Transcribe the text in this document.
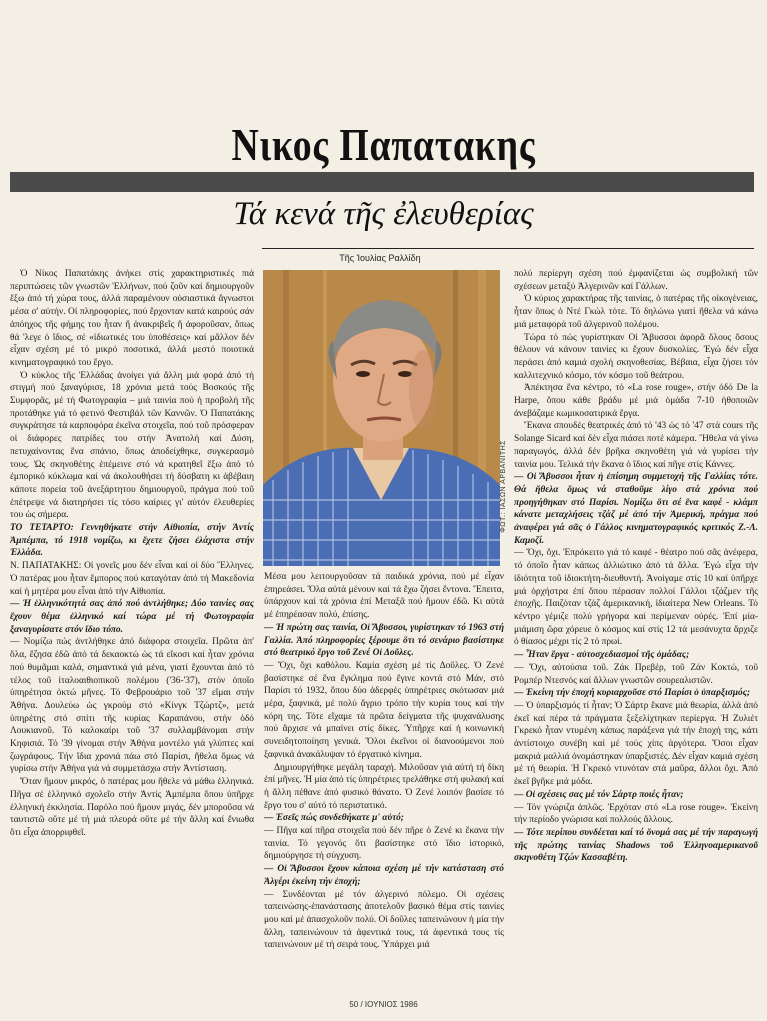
Νικος Παπατακης
Τά κενά τῆς ἐλευθερίας
Τῆς Ἰουλίας Ραλλίδη

Ὁ Νίκος Παπατάκης ἀνήκει στίς χαρακτηριστικές πιά περιπτώσεις τῶν γνωστῶν Ἑλλήνων, πού ζοῦν καί δημιουργοῦν ἔξω ἀπό τή χώρα τους, ἀλλά παραμένουν οὐσιαστικά ἄγνωστοι μέσα σ' αὐτήν. Οἱ πληροφορίες, πού ἔρχονταν κατά καιρούς σάν ἀπόηχος τῆς φήμης του ἦταν ἤ ἀνακριβεῖς ἤ ἀφοροῦσαν, ὅπως θά 'λεγε ὁ ἴδιος, σέ «ἰδιωτικές του ὑποθέσεις» καί μᾶλλον δέν εἶχαν σχέση μέ τό μικρό ποσοτικά, ἀλλά μεστό ποιοτικά κινηματογραφικό του ἔργο.

Ὁ κύκλος τῆς Ἑλλάδας ἀνοίγει γιά ἄλλη μιά φορά ἀπό τή στιγμή πού ξαναγύρισε, 18 χρόνια μετά τούς Βοσκούς τῆς Συμφορᾶς, μέ τή Φωτογραφία – μιά ταινία πού ἡ προβολή τῆς προτάθηκε γιά τό φετινό Φεστιβάλ τῶν Καννῶν. Ὁ Παπατάκης συγκράτησε τά καρποφόρα ἐκεῖνα στοιχεῖα, πού τοῦ πρόσφεραν οἱ διάφορες πατρίδες του στήν Ἀνατολή καί Δύση, πετυχαίνοντας ἕνα σπάνιο, ὅπως ἀποδείχθηκε, συγκερασμό τους. Ὡς σκηνοθέτης ἐπέμεινε στό νά κρατηθεῖ ἔξω ἀπό τό ἐμπορικό κύκλωμα καί νά ἀκολουθήσει τή δύσβατη κι ἀβέβαιη κάποτε πορεία τοῦ ἀνεξάρτητου δημιουργοῦ, πράγμα πού τοῦ ἐπέτρεψε νά διατηρήσει τίς τόσο καίριες γι' αὐτόν ἐλευθερίες του ὡς σήμερα.

ΤΟ ΤΕΤΑΡΤΟ: Γεννηθήκατε στήν Αἰθιοπία, στήν Ἀντίς Ἀμπέμπα, τό 1918 νομίζω, κι ἔχετε ζήσει ἐλάχιστα στήν Ἑλλάδα.

Ν. ΠΑΠΑΤΑΚΗΣ: Οἱ γονεῖς μου δέν εἶναι καί οἱ δύο Ἕλληνες. Ὁ πατέρας μου ἦταν ἔμπορος πού καταγόταν ἀπό τή Μακεδονία καί ἡ μητέρα μου εἶναι ἀπό τήν Αἰθιοπία.

— Ἡ ἑλληνικότητά σας ἀπό πού ἀντλήθηκε; Δύο ταινίες σας ἔχουν θέμα ἑλληνικό καί τώρα μέ τή Φωτογραφία ξαναγυρίσατε στόν ἴδιο τόπο.

— Νομίζω πώς ἀντλήθηκε ἀπό διάφορα στοιχεῖα. Πρῶτα ἀπ' ὅλα, ἔζησα ἐδῶ ἀπό τά δεκαοκτώ ὡς τά εἴκοσι καί ἦταν χρόνια πού θυμᾶμαι καλά, σημαντικά γιά μένα, γιατί ἔχουνται ἀπό τό τέλος τοῦ ἰταλοαιθιοπικοῦ πολέμου ('36-'37), στόν ὁποῖο ὑπηρέτησα ὀκτώ μῆνες. Τό Φεβρουάριο τοῦ '37 εἴμαι στήν Ἀθήνα. Δουλεύω ὡς γκρούμ στό «Κίνγκ Τζώρτζ», μετά ὑπηρέτης στό σπίτι τῆς κυρίας Καραπάνου, στήν ὁδό Λουκιανοῦ. Τό καλοκαίρι τοῦ '37 συλλαμβάνομαι στήν Κηφισιά. Τό '39 γίνομαι στήν Ἀθήνα μοντέλο γιά γλύπτες καί ζωγράφους. Τήν ἴδια χρονιά πάω στό Παρίσι, ἤθελα ὅμως νά γυρίσω στήν Ἀθήνα γιά νά συμμετάσχω στήν Ἀντίσταση.

Ὅταν ἤμουν μικρός, ὁ πατέρας μου ἤθελε νά μάθω ἑλληνικά. Πῆγα σέ ἑλληνικό σχολεῖο στήν Ἀντίς Ἀμπέμπα ὅπου ὑπῆρχε ἑλληνική ἐκκλησία. Παρόλο πού ἤμουν μιγάς, δέν μποροῦσα νά ταυτιστῶ οὔτε μέ τή μιά πλευρά οὔτε μέ τήν ἄλλη καί ἔνιωθα ὅτι εἶχα ἀπορριφθεῖ.

ΦΩΤ.: ΙΑΣΩΝ ΑΡΒΑΝΙΤΗΣ

Μέσα μου λειτουργοῦσαν τά παιδικά χρόνια, πού μέ εἶχαν ἐπηρεάσει. Ὅλα αὐτά μένουν καί τά ἔχω ζήσει ἔντονα. Ἔπειτα, ὑπάρχουν καί τά χρόνια ἐπί Μεταξᾶ πού ἤμουν ἐδῶ. Κι αὐτά μέ ἐπηρέασαν πολύ, ἐπίσης.

— Ἡ πρώτη σας ταινία, Οἱ Ἄβυσσοι, γυρίστηκαν τό 1963 στή Γαλλία. Ἀπό πληροφορίες ξέρουμε ὅτι τό σενάριο βασίστηκε στό θεατρικό ἔργο τοῦ Ζενέ Οἱ Δοῦλες.

— Ὄχι, ὄχι καθόλου. Καμία σχέση μέ τίς Δοῦλες. Ὁ Ζενέ βασίστηκε σέ ἕνα ἔγκλημα πού ἔγινε κοντά στό Μάν, στό Παρίσι τό 1932, ὅπου δύο ἀδερφές ὑπηρέτριες σκότωσαν μιά μέρα, ξαφνικά, μέ πολύ ἄγριο τρόπο τήν κυρία τους καί τήν κόρη της. Τότε εἴχαμε τά πρῶτα δείγματα τῆς ψυχανάλυσης πού ἄρχισε νά μπαίνει στίς δίκες. Ὑπῆρχε καί ἡ κοινωνική συνειδητοποίηση γενικά. Ὅλοι ἐκεῖνοι οἱ διανοούμενοι πού ξαφνικά ἀνακάλυψαν τό ἐργατικό κίνημα.

Δημιουργήθηκε μεγάλη ταραχή. Μιλοῦσαν γιά αὐτή τή δίκη ἐπί μῆνες. Ἡ μία ἀπό τίς ὑπηρέτριες τρελάθηκε στή φυλακή καί ἡ ἄλλη πέθανε ἀπό φυσικό θάνατο. Ὁ Ζενέ λοιπόν βασίσε τό ἔργο του σ' αὐτό τό περιστατικό.

— Ἐσεῖς πώς συνδεθήκατε μ' αὐτό;

— Πῆγα καί πῆρα στοιχεῖα πού δέν πῆρε ὁ Ζενέ κι ἔκανα τήν ταινία. Τό γεγονός ὅτι βασίστηκε στό ἴδιο ἱστορικό, δημιούργησε τή σύγχυση.

— Οἱ Ἄβυσσοι ἔχουν κάποια σχέση μέ τήν κατάσταση στό Ἀλγέρι ἐκείνη τήν ἐποχή;

— Συνδέονται μέ τόν ἀλγερινό πόλεμο. Οἱ σχέσεις ταπεινώσης-ἐπανάστασης ἀποτελοῦν βασικό θέμα στίς ταινίες μου καί μέ ἀπασχολοῦν πολύ. Οἱ δοῦλες ταπεινώνουν ἡ μία τήν ἄλλη, ταπεινώνουν τά ἀφεντικά τους, τά ἀφεντικά τους τίς ταπεινώνουν μέ τή σειρά τους. Ὑπάρχει μιά

πολύ περίεργη σχέση πού ἐμφανίζεται ὡς συμβολική τῶν σχέσεων μεταξύ Ἀλγερινῶν καί Γάλλων.

Ὁ κύριος χαρακτήρας τῆς ταινίας, ὁ πατέρας τῆς οἰκογένειας, ἦταν ὅπως ὁ Ντέ Γκώλ τότε. Τό δηλώνω γιατί ἤθελα νά κάνω μιά μεταφορά τοῦ ἀλγερινοῦ πολέμου.

Τώρα τό πώς γυρίστηκαν Οἱ Ἄβυσσοι ἀφορᾶ ὅλους ὅσους θέλουν νά κάνουν ταινίες κι ἔχουν δυσκολίες. Ἐγώ δέν εἶχα περάσει ἀπό καμιά σχολή σκηνοθεσίας. Βέβαια, εἶχα ζήσει τόν καλλιτεχνικό κόσμο, τόν κόσμο τοῦ θεάτρου.

Ἀπέκτησα ἕνα κέντρο, τό «La rose rouge», στήν ὁδό De la Harpe, ὅπου κάθε βράδυ μέ μιά ὁμάδα 7-10 ἠθοποιῶν ἀνεβάζαμε κωμικοσατιρικά ἔργα.

Ἔκανα σπουδές θεατρικές ἀπό τό '43 ὡς τό '47 στά cours τῆς Solange Sicard καί δέν εἶχα πιάσει ποτέ κάμερα. Ἤθελα νά γίνω παραγωγός, ἀλλά δέν βρῆκα σκηνοθέτη γιά νά γυρίσει τήν ταινία μου. Τελικά τήν ἔκανα ὁ ἴδιος καί πῆγε στίς Κάννες.

— Οἱ Ἄβυσσοι ἦταν ἡ ἐπίσημη συμμετοχή τῆς Γαλλίας τότε. Θά ἤθελα ὅμως νά σταθοῦμε λίγο στά χρόνια πού προηγήθηκαν στό Παρίσι. Νομίζω ὅτι σέ ἕνα καφέ - κλάμπ κάνατε μεταχλήσεις τζάζ μέ ἀπό τήν Ἀμερική, πράγμα πού ἀναφέρει γιά σᾶς ὁ Γάλλος κινηματογραφικός κριτικός Ζ.-Λ. Καμοζί.

— Ὄχι, ὄχι. Ἐπρόκειτο γιά τό καφέ - θέατρο πού σᾶς ἀνέφερα, τό ὁποῖο ἦταν κάπως ἀλλιώτικο ἀπό τά ἄλλα. Ἐγώ εἶχα τήν ἰδιότητα τοῦ ἰδιοκτήτη-διευθυντή. Ἀνοίγαμε στίς 10 καί ὑπῆρχε μιά ὀρχήστρα ἐπί ὅπου πέρασαν πολλοί Γάλλοι τζάζμεν τῆς ἐποχῆς. Παιζόταν τζάζ ἀμερικανική, ἰδιαίτερα New Orleans. Τό κέντρο γέμιζε πολύ γρήγορα καί περίμεναν οὐρές. Ἐπί μία-μιάμιση ὥρα χόρευε ὁ κόσμος καί στίς 12 τά μεσάνυχτα ἄρχιζε ὁ θίασος μέχρι τίς 2 τό πρωί.

— Ἦταν ἔργα - αὐτοσχεδιασμοί τῆς ὁμάδας;

— Ὄχι, αὐτούσια τοῦ. Ζάκ Πρεβέρ, τοῦ Ζάν Κοκτώ, τοῦ Ρομπέρ Ντεσνός καί ἄλλων γνωστῶν σουρεαλιστῶν.

— Ἐκείνη τήν ἐποχή κυριαρχοῦσε στό Παρίσι ὁ ὑπαρξισμός;

— Ὁ ὑπαρξισμός τί ἦταν; Ὁ Σάρτρ ἔκανε μιά θεωρία, ἀλλά ἀπό ἐκεῖ καί πέρα τά πράγματα ξεξελίχτηκαν περίεργα. Ἡ Ζυλιέτ Γκρεκό ἦταν ντυμένη κάπως παράξενα γιά τήν ἐποχή της, κάτι ἀντίστοιχο συνέβη καί μέ τούς χίπς ἀργότερα. Ὅσοι εἶχαν μακριά μαλλιά ὀνομάστηκαν ὑπαρξιστές. Δέν εἶχαν καμιά σχέση μέ τή θεωρία. Ἡ Γκρεκό ντυνόταν στά μαῦρα, ἄλλοι ὄχι. Ἀπό ἐκεῖ βγῆκε μιά μόδα.

— Οἱ σχέσεις σας μέ τόν Σάρτρ ποιές ἦταν;

— Τόν γνώριζα ἁπλῶς. Ἐρχόταν στό «La rose rouge». Ἐκείνη τήν περίοδο γνώρισα καί πολλούς ἄλλους.

— Τότε περίπου συνδέεται καί τό ὄνομά σας μέ τήν παραγωγή τῆς πρώτης ταινίας Shadows τοῦ Ἑλληνοαμερικανοῦ σκηνοθέτη Τζών Κασσαβέτη.

50 / ΙΟΥΝΙΟΣ 1986
